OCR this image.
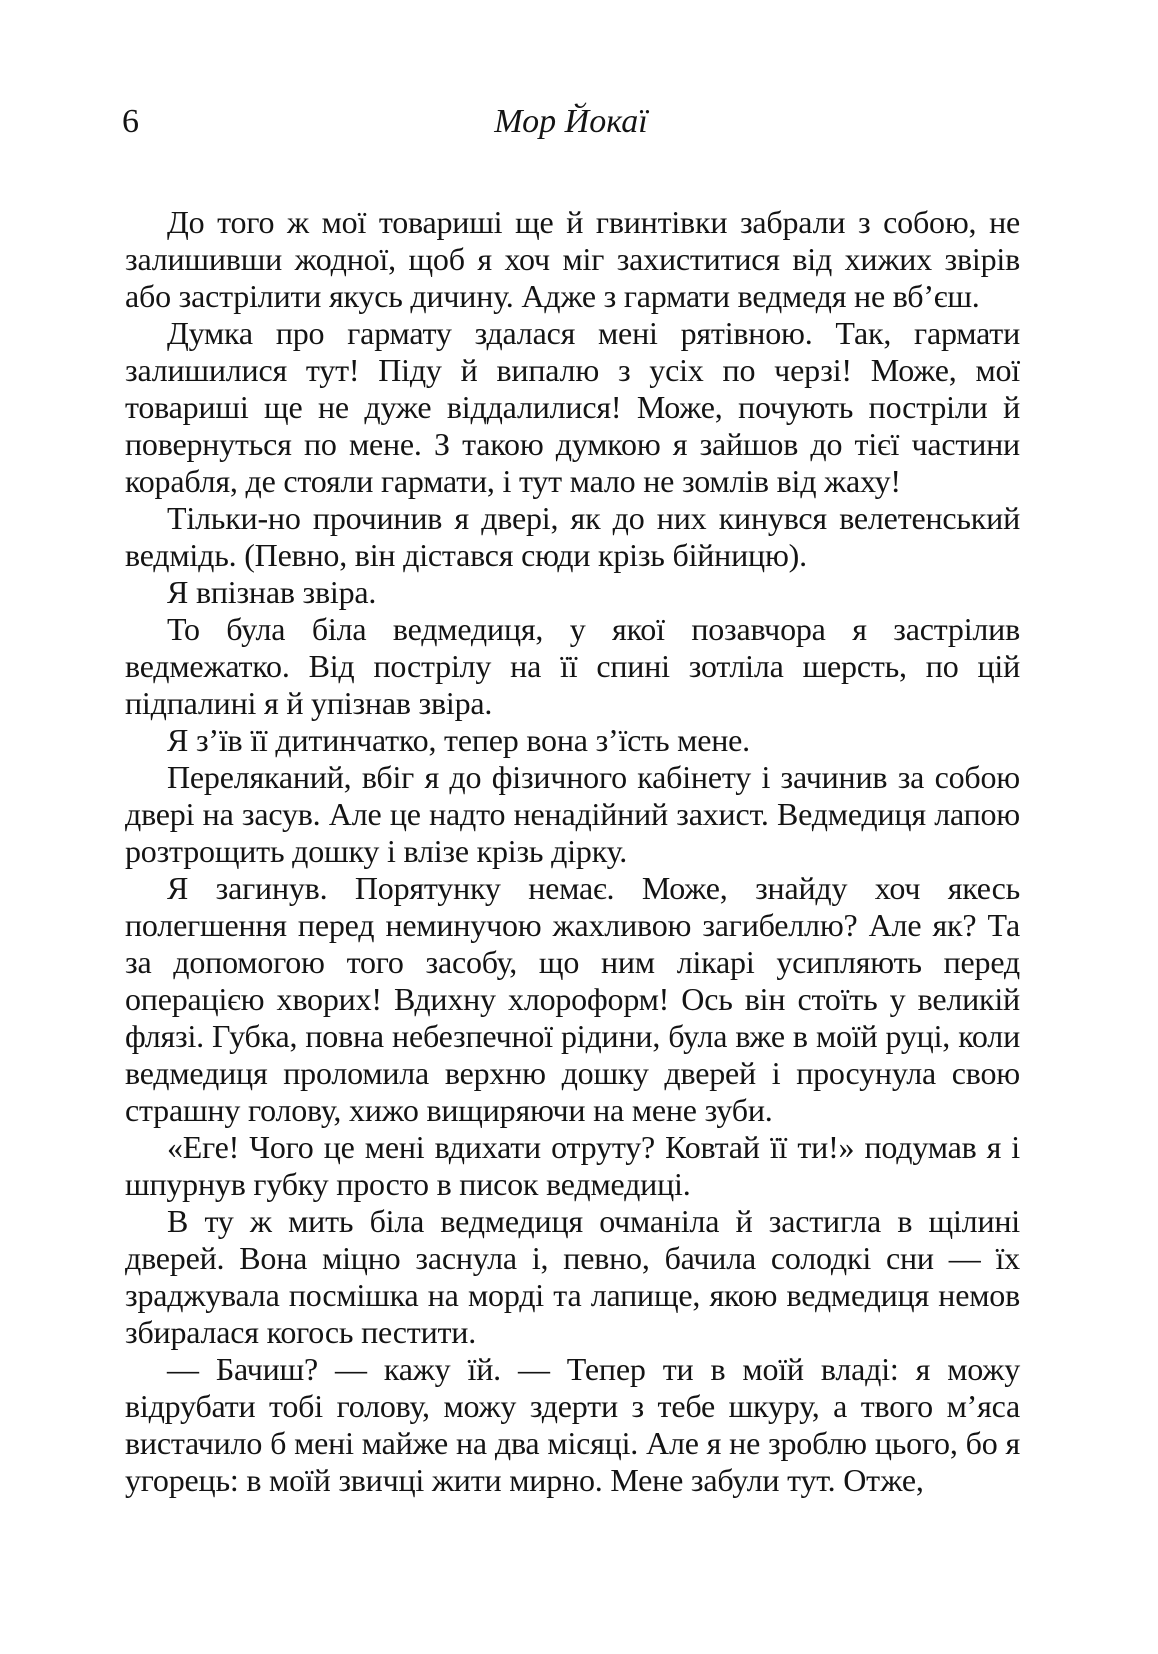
6	Мор Йокаї

До того ж мої товариші ще й гвинтівки забрали з собою, не залишивши жодної, щоб я хоч міг захиститися від хижих звірів або застрілити якусь дичину. Адже з гармати ведмедя не вб’єш.

Думка про гармату здалася мені рятівною. Так, гармати залишилися тут! Піду й випалю з усіх по черзі! Може, мої товариші ще не дуже віддалилися! Може, почують постріли й повернуться по мене. З такою думкою я зайшов до тієї частини корабля, де стояли гармати, і тут мало не зомлів від жаху!

Тільки-но прочинив я двері, як до них кинувся велетенський ведмідь. (Певно, він дістався сюди крізь бійницю).

Я впізнав звіра.

То була біла ведмедиця, у якої позавчора я застрілив ведмежатко. Від пострілу на її спині зотліла шерсть, по цій підпалині я й упізнав звіра.

Я з’їв її дитинчатко, тепер вона з’їсть мене.

Переляканий, вбіг я до фізичного кабінету і зачинив за собою двері на засув. Але це надто ненадійний захист. Ведмедиця лапою розтрощить дошку і влізе крізь дірку.

Я загинув. Порятунку немає. Може, знайду хоч якесь полегшення перед неминучою жахливою загибеллю? Але як? Та за допомогою того засобу, що ним лікарі усипляють перед операцією хворих! Вдихну хлороформ! Ось він стоїть у великій флязі. Губка, повна небезпечної рідини, була вже в моїй руці, коли ведмедиця проломила верхню дошку дверей і просунула свою страшну голову, хижо вищиряючи на мене зуби.

«Еге! Чого це мені вдихати отруту? Ковтай її ти!» подумав я і шпурнув губку просто в писок ведмедиці.

В ту ж мить біла ведмедиця очманіла й застигла в щілині дверей. Вона міцно заснула і, певно, бачила солодкі сни — їх зраджувала посмішка на морді та лапище, якою ведмедиця немов збиралася когось пестити.

— Бачиш? — кажу їй. — Тепер ти в моїй владі: я можу відрубати тобі голову, можу здерти з тебе шкуру, а твого м’яса вистачило б мені майже на два місяці. Але я не зроблю цього, бо я угорець: в моїй звичці жити мирно. Мене забули тут. Отже,
